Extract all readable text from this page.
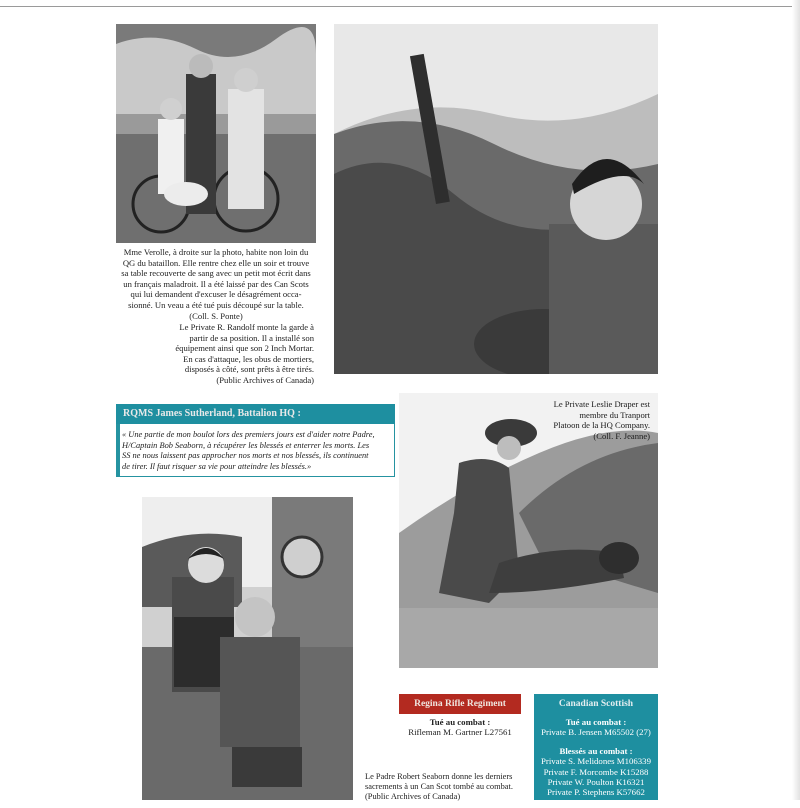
Mme Verolle, à droite sur la photo, habite non loin du
QG du bataillon. Elle rentre chez elle un soir et trouve
sa table recouverte de sang avec un petit mot écrit dans
un français maladroit. Il a été laissé par des Can Scots
qui lui demandent d'excuser le désagrément occa-
sionné. Un veau a été tué puis découpé sur la table.
(Coll. S. Ponte)
Le Private R. Randolf monte la garde à
partir de sa position. Il a installé son
équipement ainsi que son 2 Inch Mortar.
En cas d'attaque, les obus de mortiers,
disposés à côté, sont prêts à être tirés.
(Public Archives of Canada)
RQMS James Sutherland, Battalion HQ :
« Une partie de mon boulot lors des premiers jours est d'aider notre Padre,
H/Captain Bob Seaborn, à récupérer les blessés et enterrer les morts. Les
SS ne nous laissent pas approcher nos morts et nos blessés, ils continuent
de tirer. Il faut risquer sa vie pour atteindre les blessés.»
Le Private Leslie Draper est
membre du Tranport
Platoon de la HQ Company.
(Coll. F. Jeanne)
Le Padre Robert Seaborn donne les derniers
sacrements à un Can Scot tombé au combat.
(Public Archives of Canada)
Regina Rifle Regiment
Tué au combat :
Rifleman M. Gartner L27561
Canadian Scottish
Tué au combat :
Private B. Jensen M65502 (27)
Blessés au combat :
Private S. Melidones M106339
Private F. Morcombe K15288
Private W. Poulton K16321
Private P. Stephens K57662
Private L. Tremlay K60019
